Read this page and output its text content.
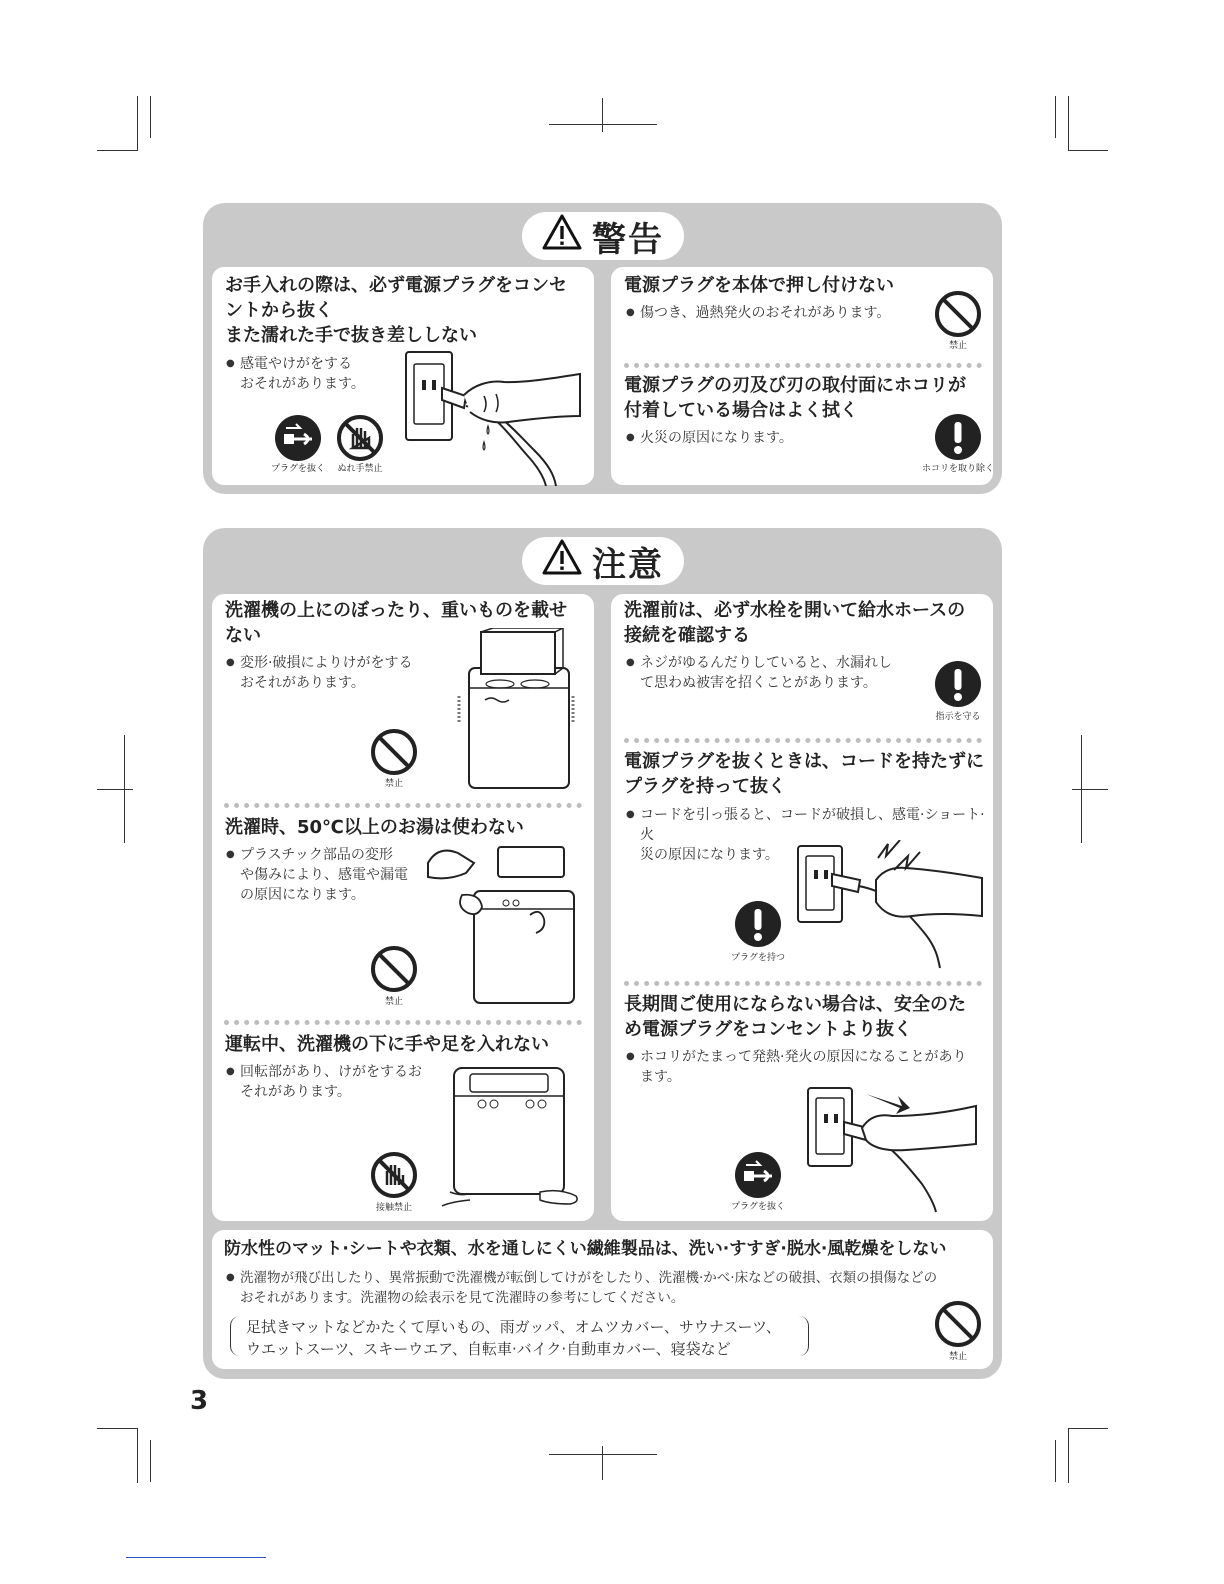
警告
お手入れの際は、必ず電源プラグをコンセ
ントから抜く
また濡れた手で抜き差ししない
● 感電やけがをする
おそれがあります。
プラグを抜く	ぬれ手禁止
電源プラグを本体で押し付けない
● 傷つき、過熱発火のおそれがあります。
禁止
電源プラグの刃及び刃の取付面にホコリが
付着している場合はよく拭く
● 火災の原因になります。
ホコリを取り除く
注意
洗濯機の上にのぼったり、重いものを載せ
ない
● 変形·破損によりけがをする
おそれがあります。
禁止
洗濯時、50℃以上のお湯は使わない
● プラスチック部品の変形
や傷みにより、感電や漏電
の原因になります。
禁止
運転中、洗濯機の下に手や足を入れない
● 回転部があり、けがをするお
それがあります。
接触禁止
洗濯前は、必ず水栓を開いて給水ホースの
接続を確認する
● ネジがゆるんだりしていると、水漏れし
て思わぬ被害を招くことがあります。
指示を守る
電源プラグを抜くときは、コードを持たずに
プラグを持って抜く
● コードを引っ張ると、コードが破損し、感電·ショート·火
災の原因になります。
プラグを持つ
長期間ご使用にならない場合は、安全のた
め電源プラグをコンセントより抜く
● ホコリがたまって発熱·発火の原因になることがあり
ます。
プラグを抜く
防水性のマット·シートや衣類、水を通しにくい繊維製品は、洗い·すすぎ·脱水·風乾燥をしない
● 洗濯物が飛び出したり、異常振動で洗濯機が転倒してけがをしたり、洗濯機·かべ·床などの破損、衣類の損傷などの
おそれがあります。洗濯物の絵表示を見て洗濯時の参考にしてください。
足拭きマットなどかたくて厚いもの、雨ガッパ、オムツカバー、サウナスーツ、
ウエットスーツ、スキーウエア、自転車·バイク·自動車カバー、寝袋など	禁止
3
